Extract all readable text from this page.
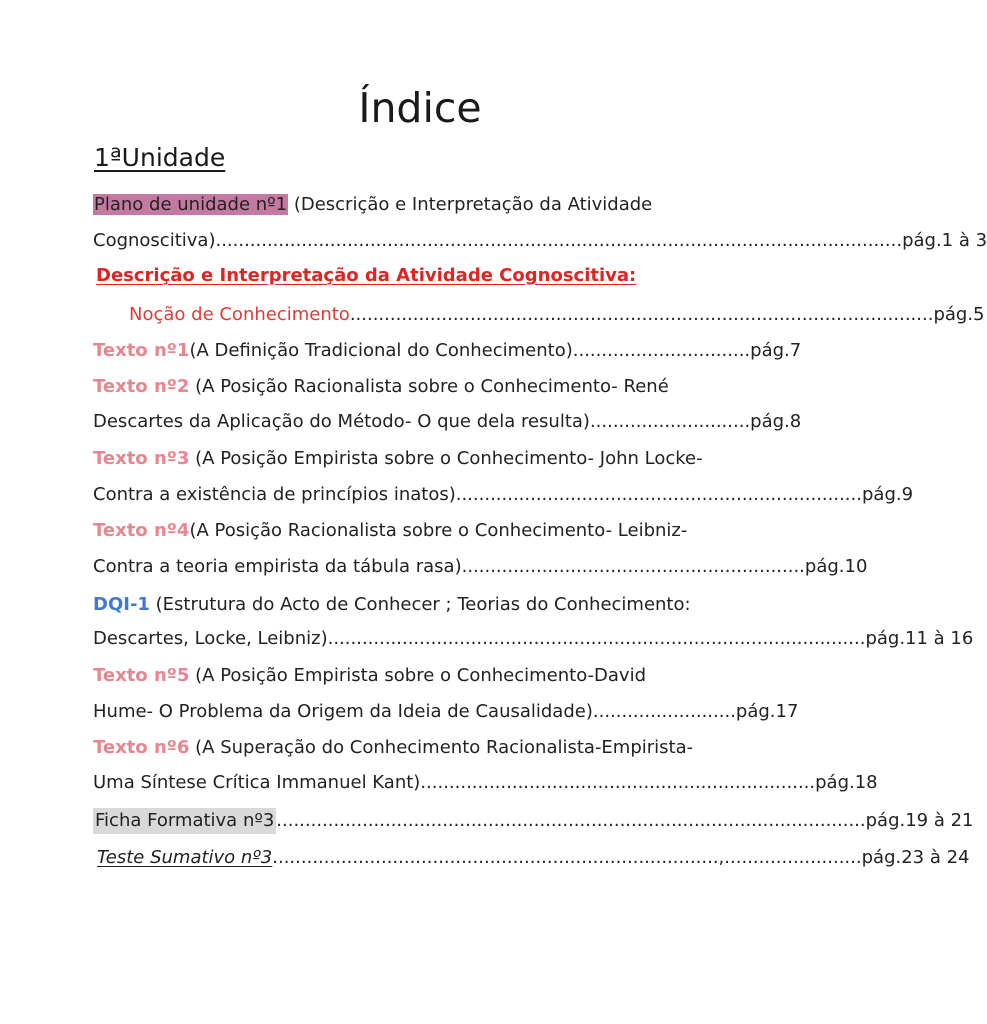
Índice
1ªUnidade
Plano de unidade nº1 (Descrição e Interpretação da Atividade
Cognoscitiva) ........................................................................................................................ pág.1 à 3
Descrição e Interpretação da Atividade Cognoscitiva:
Noção de Conhecimento ...................................................................................................... pág.5
Texto nº1 (A Definição Tradicional do Conhecimento) ............................... pág.7
Texto nº2 (A Posição Racionalista sobre o Conhecimento- René
Descartes da Aplicação do Método- O que dela resulta) ............................ pág.8
Texto nº3 (A Posição Empirista sobre o Conhecimento- John Locke-
Contra a existência de princípios inatos) ....................................................................... pág.9
Texto nº4(A Posição Racionalista sobre o Conhecimento- Leibniz-
Contra a teoria empirista da tábula rasa) ............................................................ pág.10
DQI-1 (Estrutura do Acto de Conhecer ; Teorias do Conhecimento:
Descartes, Locke, Leibniz) .............................................................................................. pág.11 à 16
Texto nº5 (A Posição Empirista sobre o Conhecimento-David
Hume- O Problema da Origem da Ideia de Causalidade) ......................... pág.17
Texto nº6 (A Superação do Conhecimento Racionalista-Empirista-
Uma Síntese Crítica Immanuel Kant) ..................................................................... pág.18
Ficha Formativa nº3 ....................................................................................................... pág.19 à 21
Teste Sumativo nº3 ..............................................................................,........................ pág.23 à 24
